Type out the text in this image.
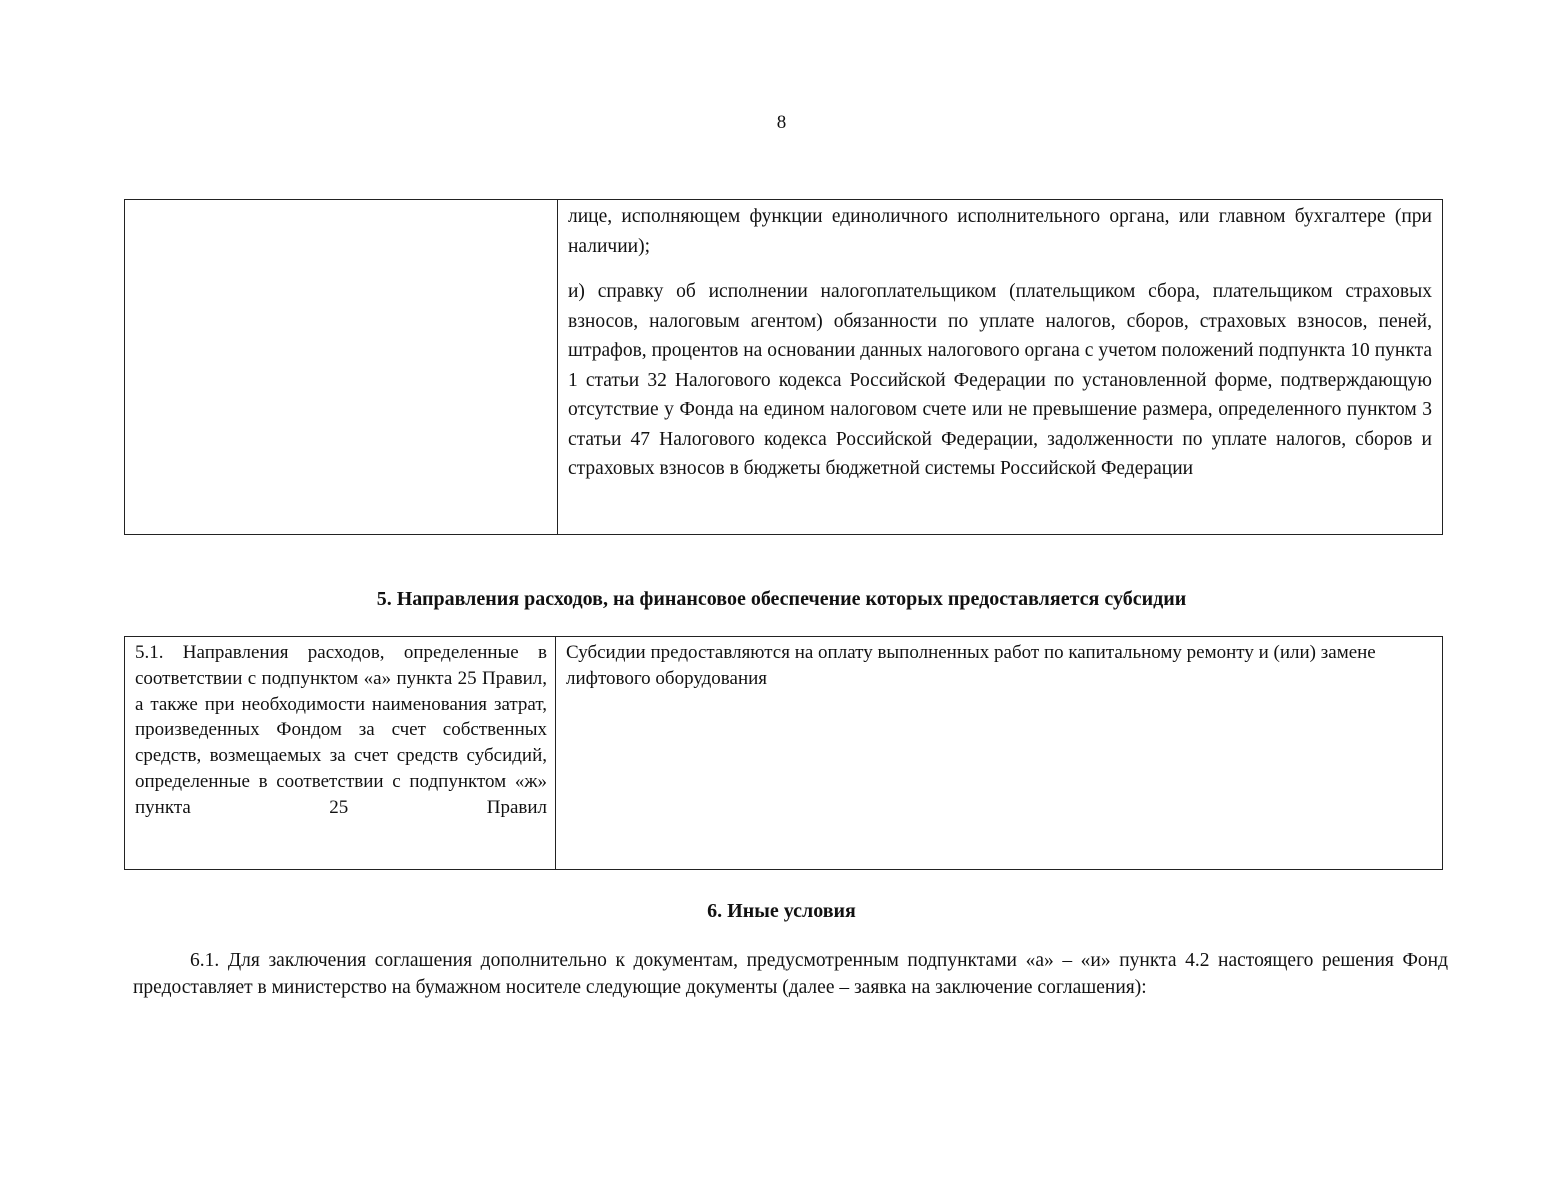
8

лице, исполняющем функции единоличного исполнительного органа, или главном бухгалтере (при наличии);

и) справку об исполнении налогоплательщиком (плательщиком сбора, плательщиком страховых взносов, налоговым агентом) обязанности по уплате налогов, сборов, страховых взносов, пеней, штрафов, процентов на основании данных налогового органа с учетом положений подпункта 10 пункта 1 статьи 32 Налогового кодекса Российской Федерации по установленной форме, подтверждающую отсутствие у Фонда на едином налоговом счете или не превышение размера, определенного пунктом 3 статьи 47 Налогового кодекса Российской Федерации, задолженности по уплате налогов, сборов и страховых взносов в бюджеты бюджетной системы Российской Федерации

5. Направления расходов, на финансовое обеспечение которых предоставляется субсидии
5.1. Направления расходов, определенные в соответствии с подпунктом «а» пункта 25 Правил, а также при необходимости наименования затрат, произведенных Фондом за счет собственных средств, возмещаемых за счет средств субсидий, определенные в соответствии с подпунктом «ж» пункта 25 Правил	Субсидии предоставляются на оплату выполненных работ по капитальному ремонту и (или) замене лифтового оборудования
6. Иные условия

6.1. Для заключения соглашения дополнительно к документам, предусмотренным подпунктами «а» – «и» пункта 4.2 настоящего решения Фонд предоставляет в министерство на бумажном носителе следующие документы (далее – заявка на заключение соглашения):
